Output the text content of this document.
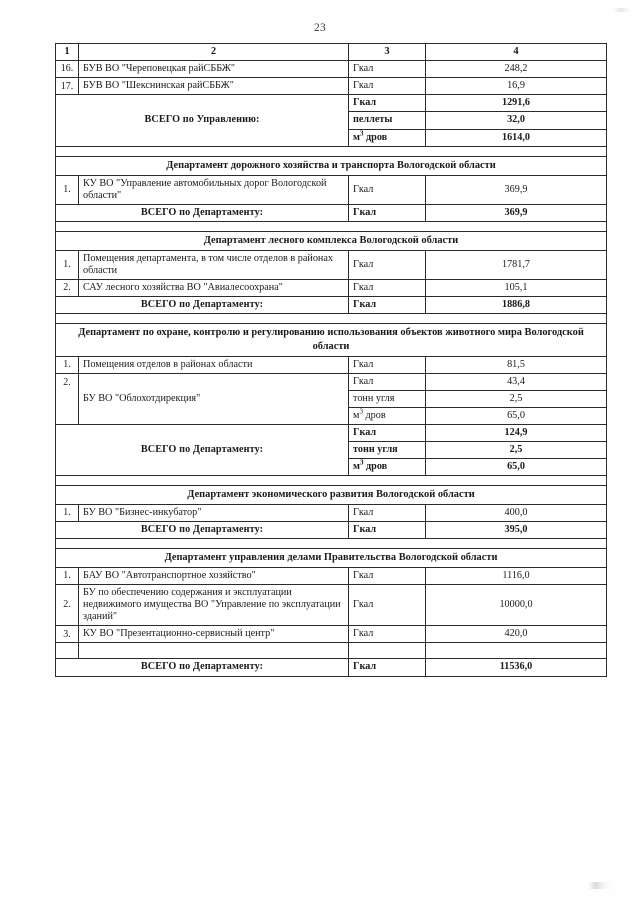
23
1	2	3	4
16.	БУВ ВО "Череповецкая райСББЖ"	Гкал	248,2
17.	БУВ ВО "Шекснинская райСББЖ"	Гкал	16,9
ВСЕГО по Управлению:		Гкал	1291,6
		пеллеты	32,0
		$м^3$ дров	1614,0

Департамент дорожного хозяйства и транспорта Вологодской области			
1.	КУ ВО "Управление автомобильных дорог Вологодской области"	Гкал	369,9
ВСЕГО по Департаменту:		Гкал	369,9

Департамент лесного комплекса Вологодской области			
1.	Помещения департамента, в том числе отделов в районах области	Гкал	1781,7
2.	САУ лесного хозяйства ВО "Авиалесоохрана"	Гкал	105,1
ВСЕГО по Департаменту:		Гкал	1886,8

Департамент по охране, контролю и регулированию использования объектов животного мира Вологодской области			
1.	Помещения отделов в районах области	Гкал	81,5
2.	БУ ВО "Облохотдирекция"	Гкал	43,4
		тонн угля	2,5
		$м^3$ дров	65,0
ВСЕГО по Департаменту:		Гкал	124,9
		тонн угля	2,5
		$м^3$ дров	65,0

Департамент экономического развития Вологодской области			
1.	БУ ВО "Бизнес-инкубатор"	Гкал	400,0
ВСЕГО по Департаменту:		Гкал	395,0

Департамент управления делами Правительства Вологодской области			
1.	БАУ ВО "Автотранспортное хозяйство"	Гкал	1116,0
2.	БУ по обеспечению содержания и эксплуатации недвижимого имущества ВО "Управление по эксплуатации зданий"	Гкал	10000,0
3.	КУ ВО "Презентационно-сервисный центр"	Гкал	420,0

ВСЕГО по Департаменту:		Гкал	11536,0
